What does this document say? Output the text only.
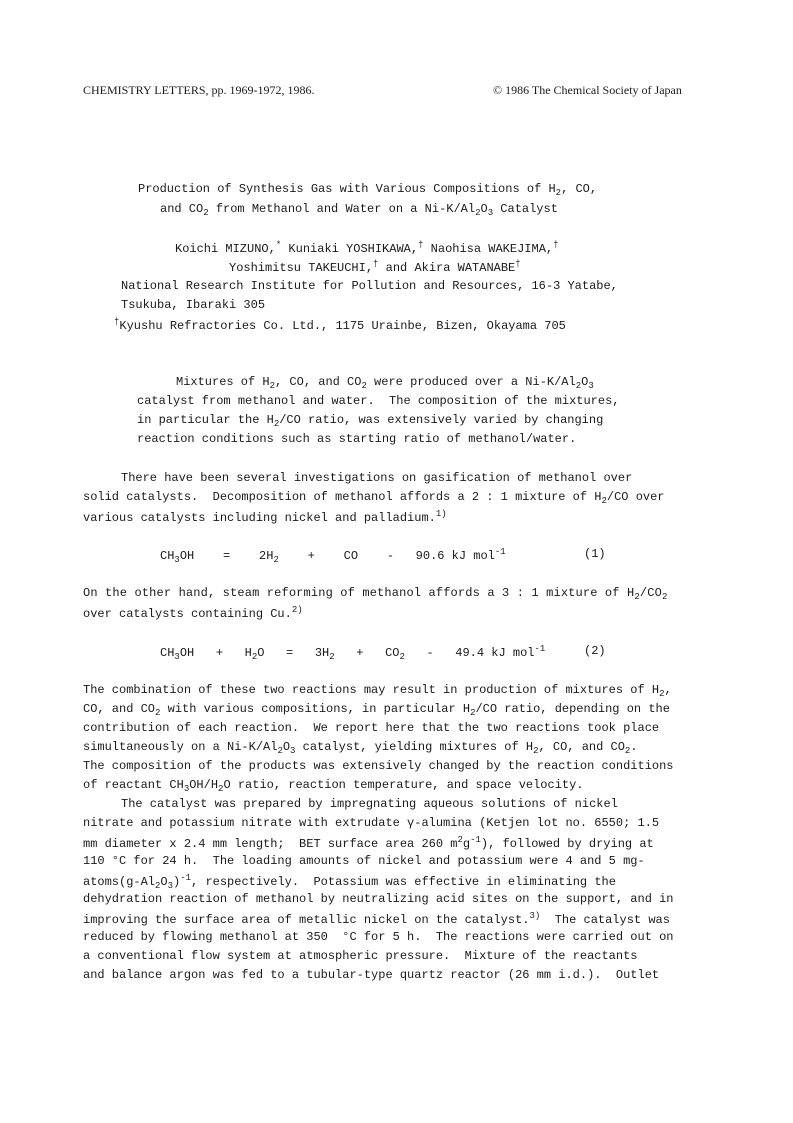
CHEMISTRY LETTERS, pp. 1969-1972, 1986.	© 1986 The Chemical Society of Japan
Production of Synthesis Gas with Various Compositions of $H_2$, CO,
and $CO_2$ from Methanol and Water on a $Ni-K/Al_2O_3$ Catalyst
Koichi MIZUNO,* Kuniaki YOSHIKAWA,† Naohisa WAKEJIMA,†
Yoshimitsu TAKEUCHI,† and Akira WATANABE†
National Research Institute for Pollution and Resources, 16-3 Yatabe,
Tsukuba, Ibaraki 305
†Kyushu Refractories Co. Ltd., 1175 Urainbe, Bizen, Okayama 705
Mixtures of $H_2$, CO, and $CO_2$ were produced over a $Ni-K/Al_2O_3$
catalyst from methanol and water.  The composition of the mixtures,
in particular the $H_2/CO$ ratio, was extensively varied by changing
reaction conditions such as starting ratio of methanol/water.
There have been several investigations on gasification of methanol over
solid catalysts.  Decomposition of methanol affords a 2 : 1 mixture of $H_2/CO$ over
various catalysts including nickel and palladium.$^{1)}$
$CH_3OH$    =    $2H_2$    +    CO    -   90.6 kJ mol$^{-1}$	(1)
On the other hand, steam reforming of methanol affords a 3 : 1 mixture of $H_2/CO_2$
over catalysts containing Cu.$^{2)}$
$CH_3OH + H_2O = 3H_2 + CO_2 - 49.4$ kJ mol$^{-1}$	(2)
The combination of these two reactions may result in production of mixtures of $H_2$,
CO, and $CO_2$ with various compositions, in particular $H_2/CO$ ratio, depending on the
contribution of each reaction.  We report here that the two reactions took place
simultaneously on a $Ni-K/Al_2O_3$ catalyst, yielding mixtures of $H_2$, CO, and $CO_2$.
The composition of the products was extensively changed by the reaction conditions
of reactant $CH_3OH/H_2O$ ratio, reaction temperature, and space velocity.
The catalyst was prepared by impregnating aqueous solutions of nickel
nitrate and potassium nitrate with extrudate γ-alumina (Ketjen lot no. 6550; 1.5
mm diameter x 2.4 mm length;  BET surface area 260 $m^2g^{-1}$), followed by drying at
110 °C for 24 h.  The loading amounts of nickel and potassium were 4 and 5 mg-
$atoms(g-Al_2O_3)^{-1}$, respectively.  Potassium was effective in eliminating the
dehydration reaction of methanol by neutralizing acid sites on the support, and in
improving the surface area of metallic nickel on the catalyst.$^{3)}$  The catalyst was
reduced by flowing methanol at 350  °C for 5 h.  The reactions were carried out on
a conventional flow system at atmospheric pressure.  Mixture of the reactants
and balance argon was fed to a tubular-type quartz reactor (26 mm i.d.).  Outlet
